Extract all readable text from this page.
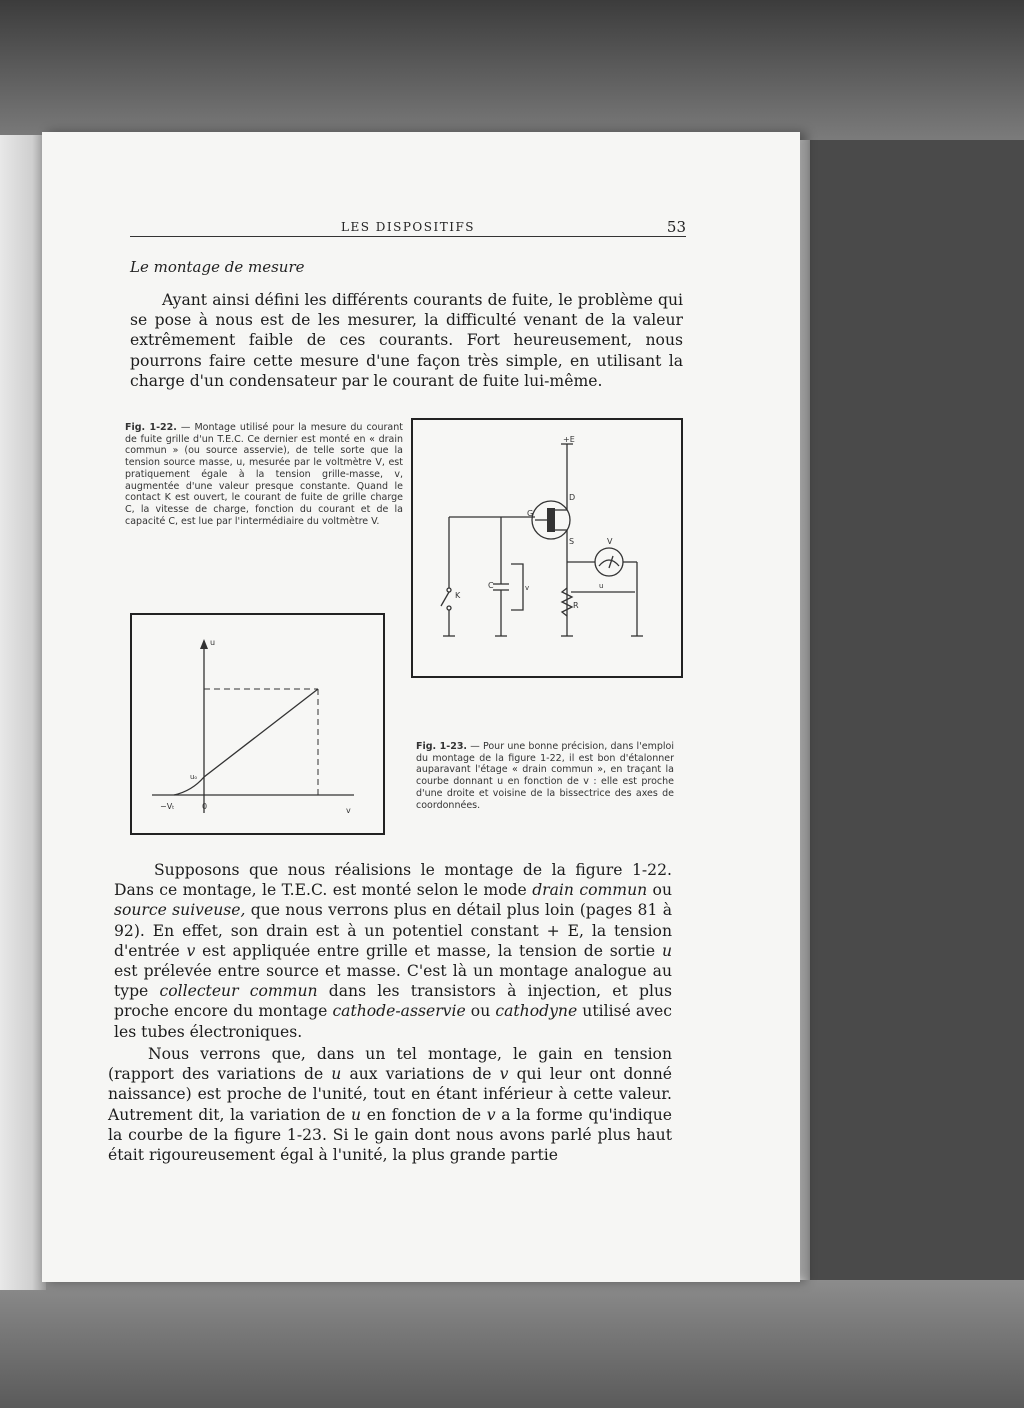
LES DISPOSITIFS	53
Le montage de mesure
Ayant ainsi défini les différents courants de fuite, le problème qui se pose à nous est de les mesurer, la difficulté venant de la valeur extrêmement faible de ces courants. Fort heureusement, nous pourrons faire cette mesure d'une façon très simple, en utilisant la charge d'un condensateur par le courant de fuite lui-même.
Fig. 1-22. — Montage utilisé pour la mesure du courant de fuite grille d'un T.E.C. Ce dernier est monté en « drain commun » (ou source asservie), de telle sorte que la tension source masse, u, mesurée par le voltmètre V, est pratiquement égale à la tension grille-masse, v, augmentée d'une valeur presque constante. Quand le contact K est ouvert, le courant de fuite de grille charge C, la vitesse de charge, fonction du courant et de la capacité C, est lue par l'intermédiaire du voltmètre V.
+E
D
S
G
K
C	v
R
V
u
u
v
0
−Vₜ
uₒ
Fig. 1-23. — Pour une bonne précision, dans l'emploi du montage de la figure 1-22, il est bon d'étalonner auparavant l'étage « drain commun », en traçant la courbe donnant u en fonction de v : elle est proche d'une droite et voisine de la bissectrice des axes de coordonnées.
Supposons que nous réalisions le montage de la figure 1-22. Dans ce montage, le T.E.C. est monté selon le mode drain commun ou source suiveuse, que nous verrons plus en détail plus loin (pages 81 à 92). En effet, son drain est à un potentiel constant + E, la tension d'entrée v est appliquée entre grille et masse, la tension de sortie u est prélevée entre source et masse. C'est là un montage analogue au type collecteur commun dans les transistors à injection, et plus proche encore du montage cathode-asservie ou cathodyne utilisé avec les tubes électroniques.
Nous verrons que, dans un tel montage, le gain en tension (rapport des variations de u aux variations de v qui leur ont donné naissance) est proche de l'unité, tout en étant inférieur à cette valeur. Autrement dit, la variation de u en fonction de v a la forme qu'indique la courbe de la figure 1-23. Si le gain dont nous avons parlé plus haut était rigoureusement égal à l'unité, la plus grande partie
